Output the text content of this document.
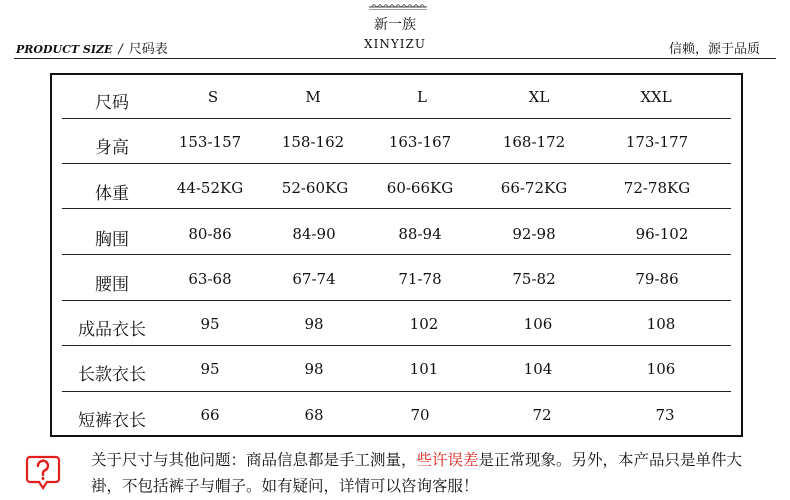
新一族
XINYIZU
PRODUCT SIZE / 尺码表	信赖，源于品质
尺码	S	M	L	XL	XXL
身高	153-157	158-162	163-167	168-172	173-177
体重	44-52KG	52-60KG	60-66KG	66-72KG	72-78KG
胸围	80-86	84-90	88-94	92-98	96-102
腰围	63-68	67-74	71-78	75-82	79-86
成品衣长	95	98	102	106	108
长款衣长	95	98	101	104	106
短裤衣长	66	68	70	72	73
关于尺寸与其他问题：商品信息都是手工测量，些许误差是正常现象。另外，本产品只是单件大褂，不包括裤子与帽子。如有疑问，详情可以咨询客服！
